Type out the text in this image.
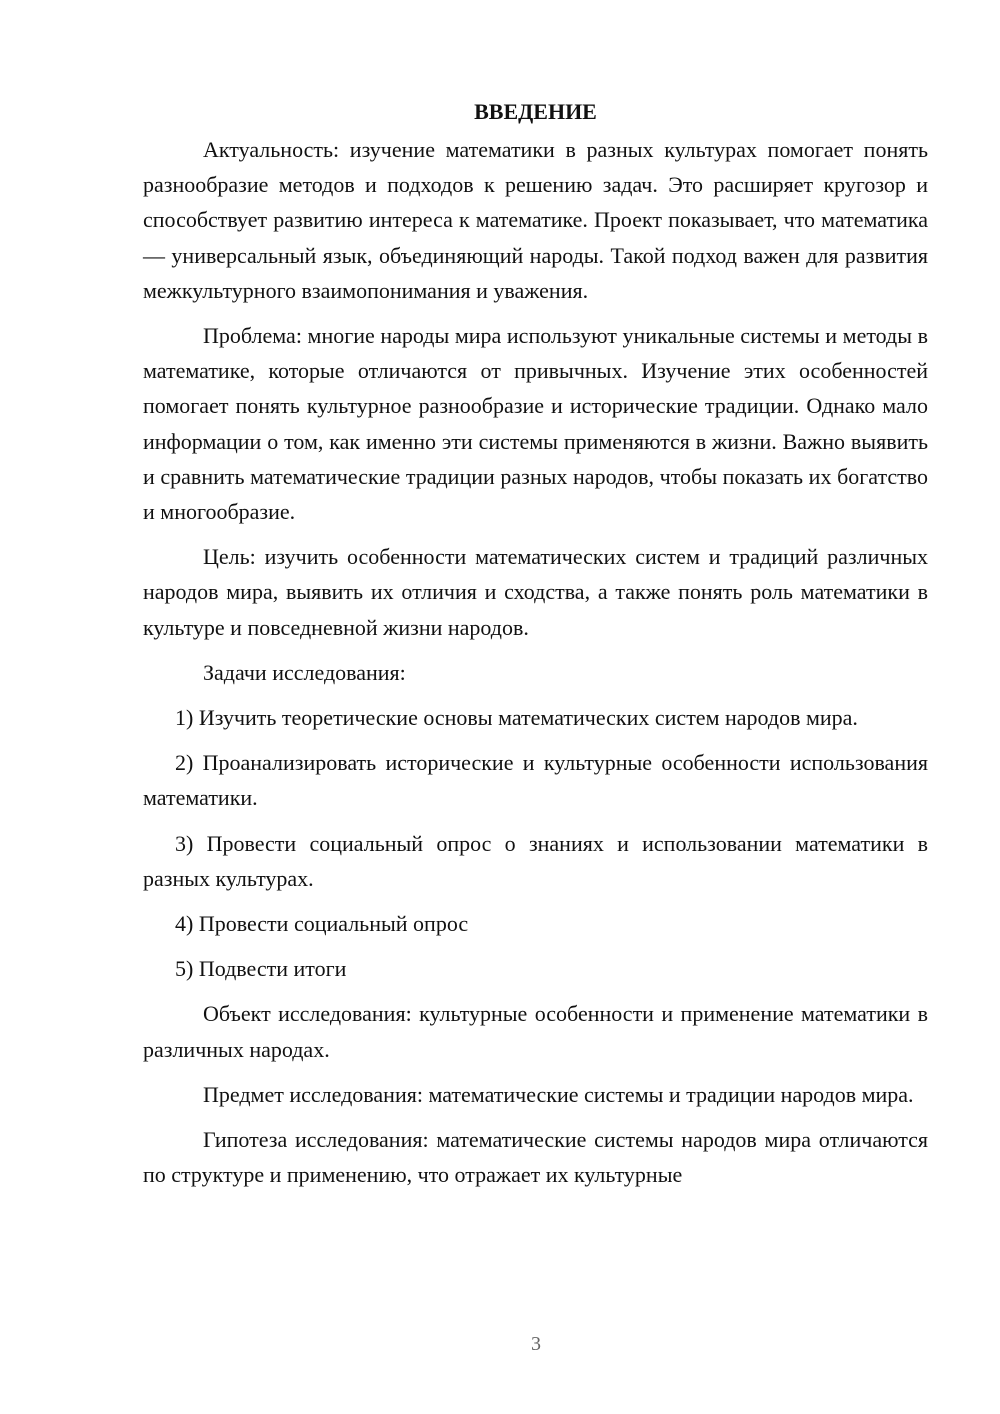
ВВЕДЕНИЕ

Актуальность: изучение математики в разных культурах помогает понять разнообразие методов и подходов к решению задач. Это расширяет кругозор и способствует развитию интереса к математике. Проект показывает, что математика — универсальный язык, объединяющий народы. Такой подход важен для развития межкультурного взаимопонимания и уважения.

Проблема: многие народы мира используют уникальные системы и методы в математике, которые отличаются от привычных. Изучение этих особенностей помогает понять культурное разнообразие и исторические традиции. Однако мало информации о том, как именно эти системы применяются в жизни. Важно выявить и сравнить математические традиции разных народов, чтобы показать их богатство и многообразие.

Цель: изучить особенности математических систем и традиций различных народов мира, выявить их отличия и сходства, а также понять роль математики в культуре и повседневной жизни народов.

Задачи исследования:

1) Изучить теоретические основы математических систем народов мира.

2) Проанализировать исторические и культурные особенности использования математики.

3) Провести социальный опрос о знаниях и использовании математики в разных культурах.

4) Провести социальный опрос

5) Подвести итоги

Объект исследования: культурные особенности и применение математики в различных народах.

Предмет исследования: математические системы и традиции народов мира.

Гипотеза исследования: математические системы народов мира отличаются по структуре и применению, что отражает их культурные

3
